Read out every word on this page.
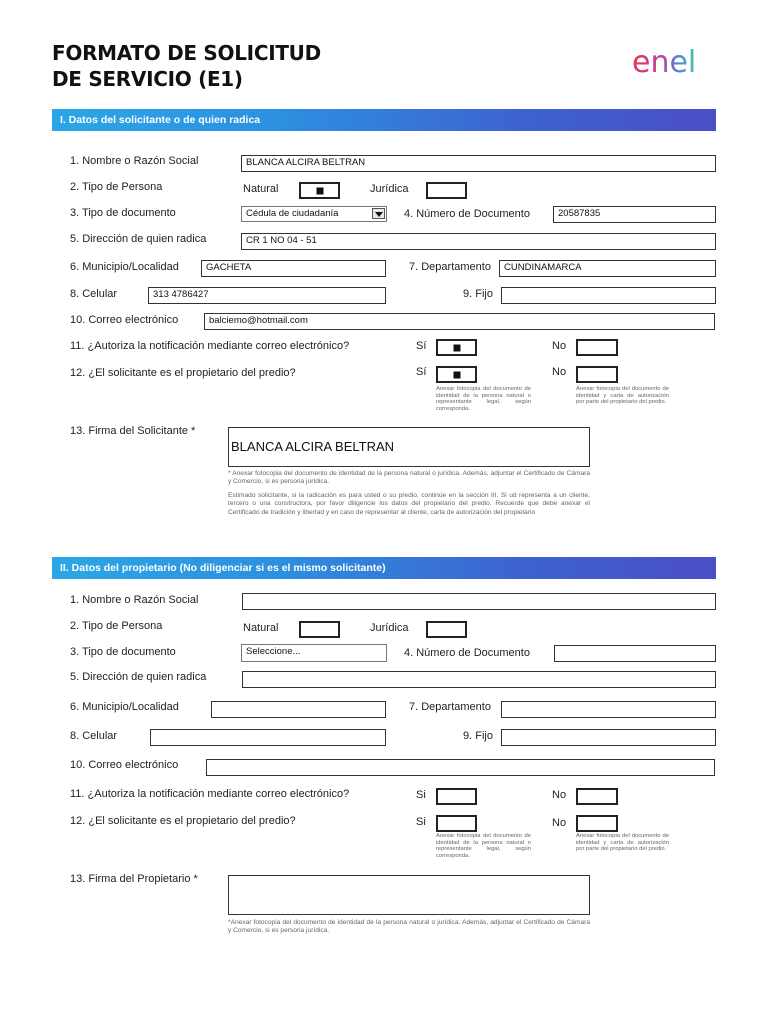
FORMATO DE SOLICITUD
DE SERVICIO (E1)	enel
I. Datos del solicitante o de quien radica
1. Nombre o Razón Social	BLANCA ALCIRA BELTRAN
2. Tipo de Persona	Natural	Jurídica
3. Tipo de documento	Cédula de ciudadanía	4. Número de Documento	20587835
5. Dirección de quien radica	CR 1 NO 04 - 51
6. Municipio/Localidad	GACHETA	7. Departamento	CUNDINAMARCA
8. Celular	313 4786427	9. Fijo
10. Correo electrónico	balciemo@hotmail.com
11. ¿Autoriza la notificación mediante correo electrónico?	Sí	No
12. ¿El solicitante es el propietario del predio?	Sí	No
Anexar fotocopia del documento de identidad de la persona natural o representante legal, según corresponda.
Anexar fotocopia del documento de identidad y carta de autorización por parte del propietario del predio.
13. Firma del Solicitante *
BLANCA ALCIRA BELTRAN
* Anexar fotocopia del documento de identidad de la persona natural o jurídica. Además, adjuntar el Certificado de Cámara y Comercio, si es persona jurídica.
Estimado solicitante, si la radicación es para usted o su predio, continúe en la sección III. Si ud representa a un cliente, tercero o una constructora, por favor diligencie los datos del propietario del predio. Recuerde que debe anexar el Certificado de tradición y libertad y en caso de representar al cliente, carta de autorización del propietario
II. Datos del propietario (No diligenciar si es el mismo solicitante)
1. Nombre o Razón Social
2. Tipo de Persona	Natural	Jurídica
3. Tipo de documento	Seleccione...	4. Número de Documento
5. Dirección de quien radica
6. Municipio/Localidad	7. Departamento
8. Celular	9. Fijo
10. Correo electrónico
11. ¿Autoriza la notificación mediante correo electrónico?	Si	No
12. ¿El solicitante es el propietario del predio?	Si	No
Anexar fotocopia del documento de identidad de la persona natural o representante legal, según corresponda.
Anexar fotocopia del documento de identidad y carta de autorización por parte del propietario del predio.
13. Firma del Propietario *
*Anexar fotocopia del documento de identidad de la persona natural o jurídica. Además, adjuntar el Certificado de Cámara y Comercio, si es persona jurídica.
